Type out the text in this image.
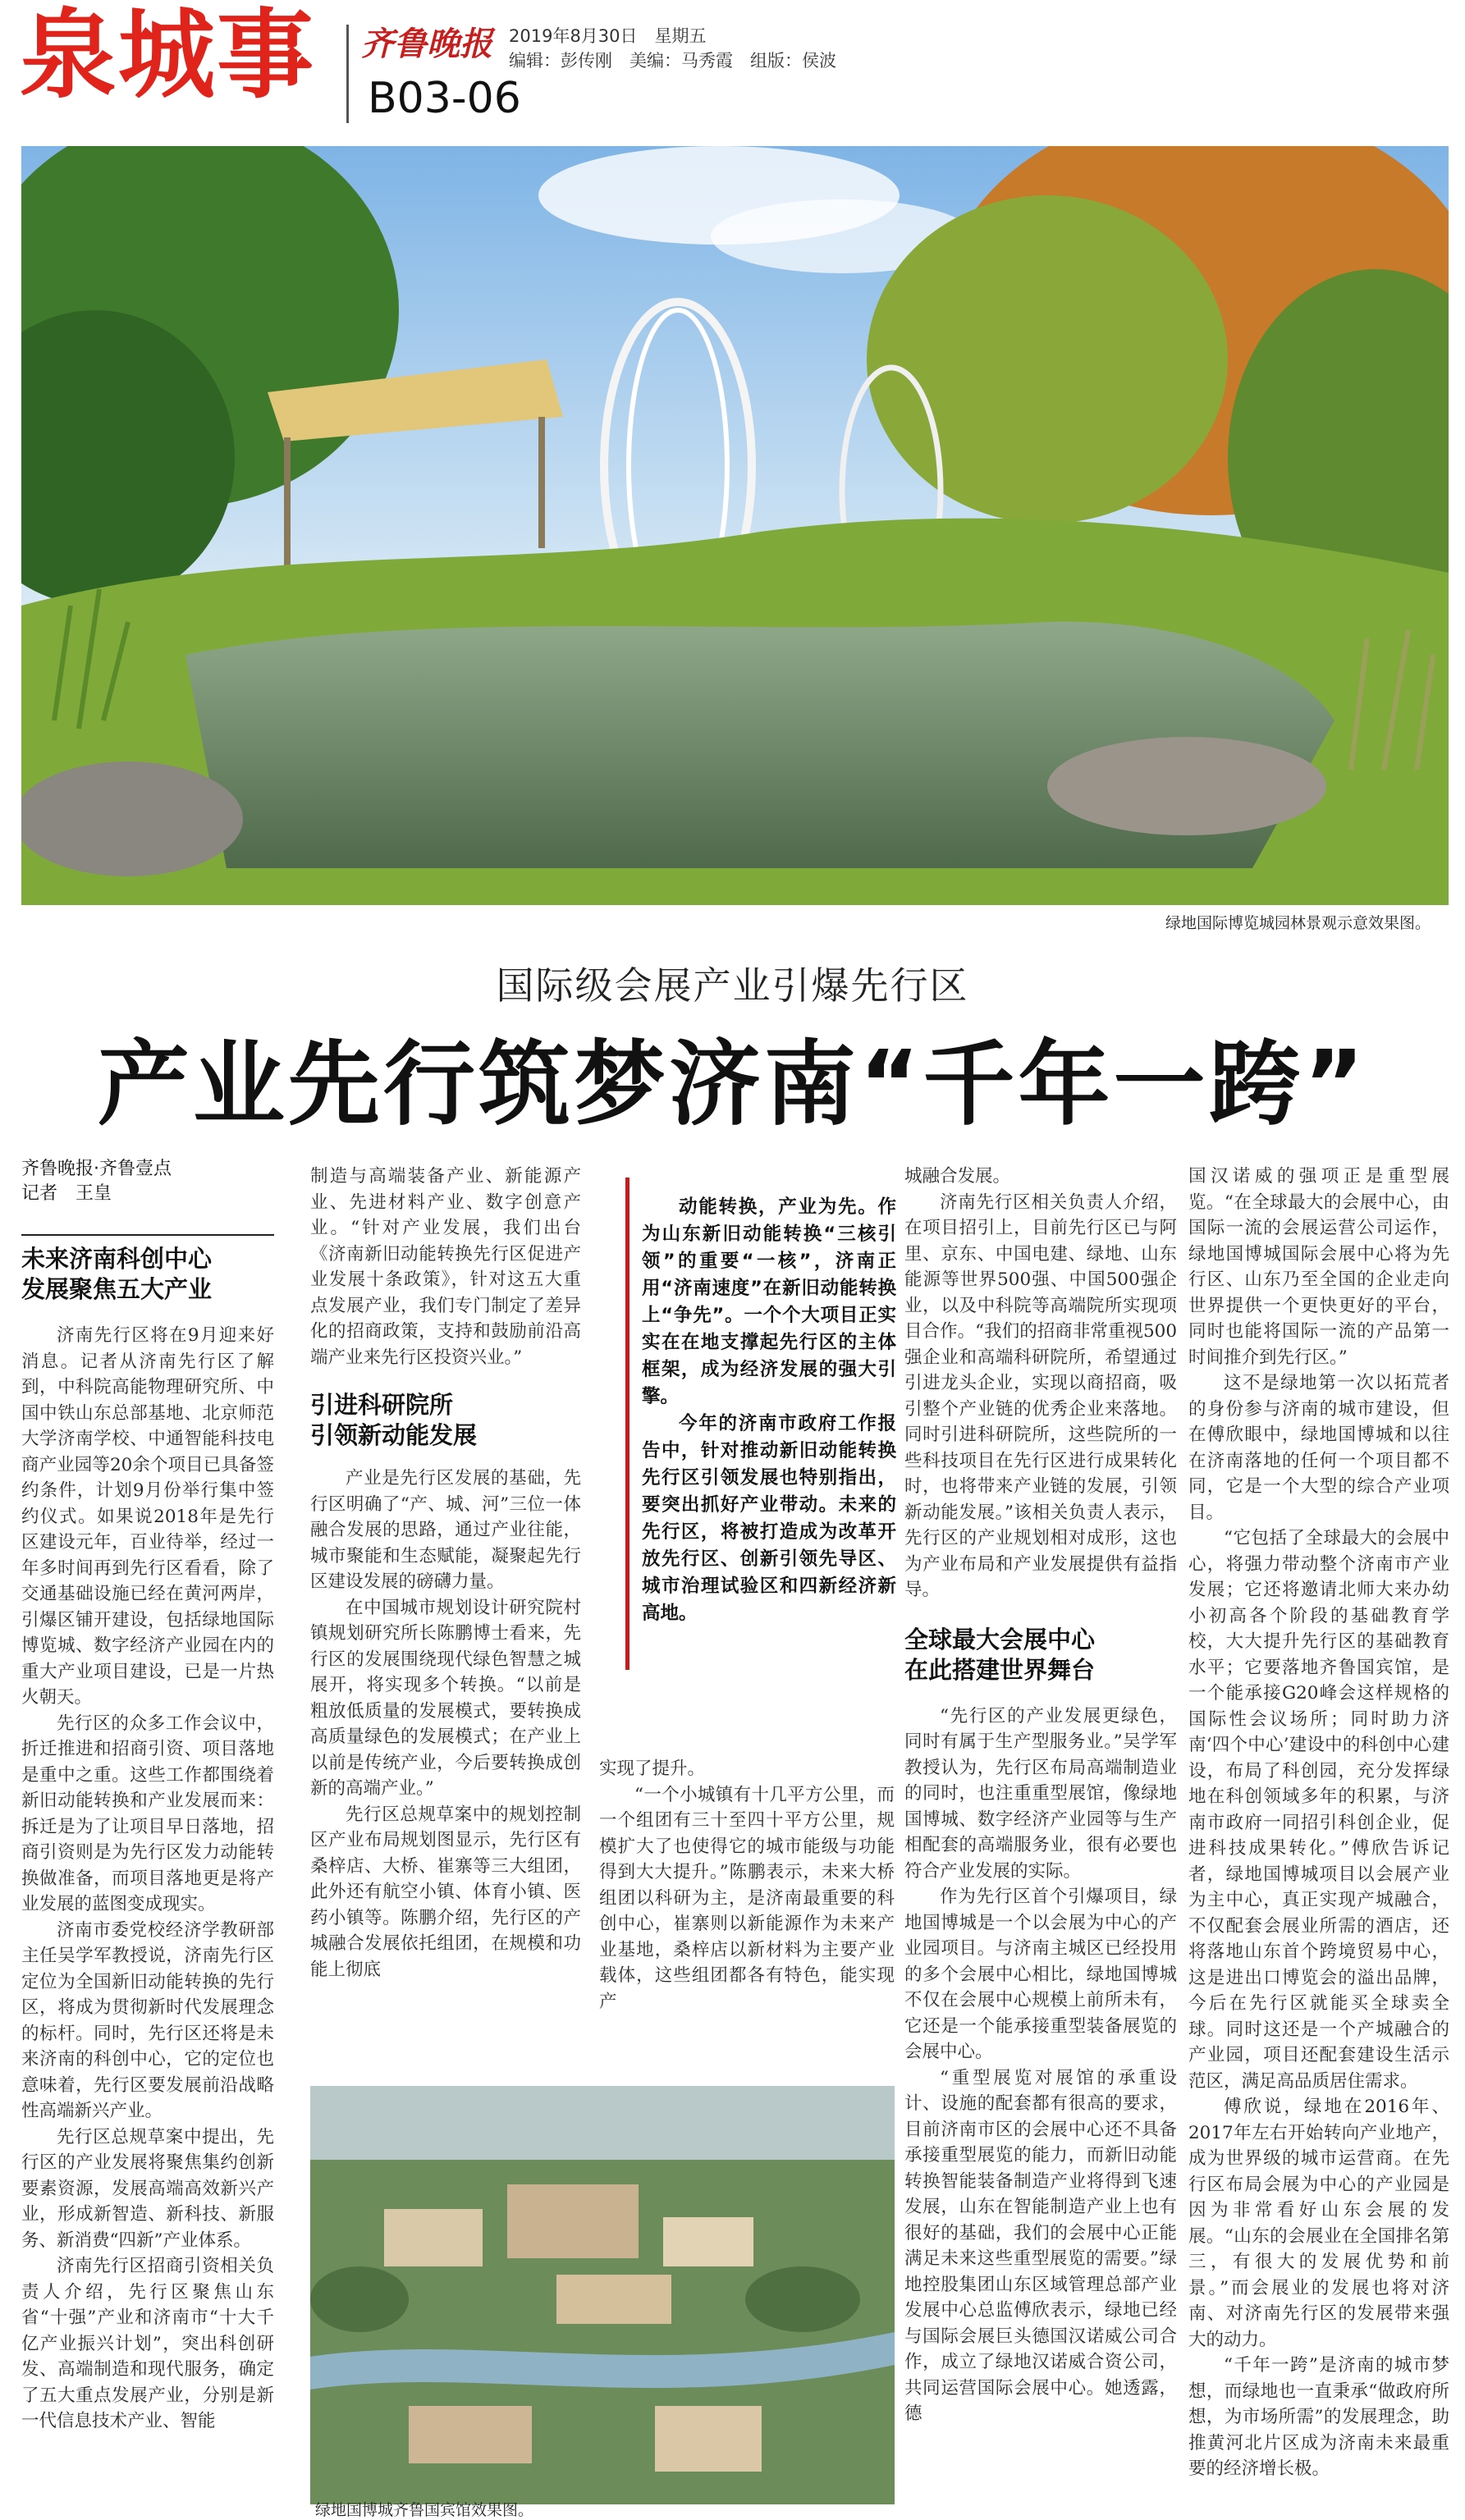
泉城事 齐鲁晚报 2019年8月30日　星期五
编辑：彭传刚　美编：马秀霞　组版：侯波
B03-06
绿地国际博览城园林景观示意效果图。
国际级会展产业引爆先行区
产业先行筑梦济南“千年一跨”
齐鲁晚报·齐鲁壹点
记者　王皇
未来济南科创中心
发展聚焦五大产业

济南先行区将在9月迎来好消息。记者从济南先行区了解到，中科院高能物理研究所、中国中铁山东总部基地、北京师范大学济南学校、中通智能科技电商产业园等20余个项目已具备签约条件，计划9月份举行集中签约仪式。如果说2018年是先行区建设元年，百业待举，经过一年多时间再到先行区看看，除了交通基础设施已经在黄河两岸，引爆区铺开建设，包括绿地国际博览城、数字经济产业园在内的重大产业项目建设，已是一片热火朝天。

先行区的众多工作会议中，折迁推进和招商引资、项目落地是重中之重。这些工作都围绕着新旧动能转换和产业发展而来：拆迁是为了让项目早日落地，招商引资则是为先行区发力动能转换做准备，而项目落地更是将产业发展的蓝图变成现实。

济南市委党校经济学教研部主任吴学军教授说，济南先行区定位为全国新旧动能转换的先行区，将成为贯彻新时代发展理念的标杆。同时，先行区还将是未来济南的科创中心，它的定位也意味着，先行区要发展前沿战略性高端新兴产业。

先行区总规草案中提出，先行区的产业发展将聚焦集约创新要素资源，发展高端高效新兴产业，形成新智造、新科技、新服务、新消费“四新”产业体系。

济南先行区招商引资相关负责人介绍，先行区聚焦山东省“十强”产业和济南市“十大千亿产业振兴计划”，突出科创研发、高端制造和现代服务，确定了五大重点发展产业，分别是新一代信息技术产业、智能

制造与高端装备产业、新能源产业、先进材料产业、数字创意产业。“针对产业发展，我们出台《济南新旧动能转换先行区促进产业发展十条政策》，针对这五大重点发展产业，我们专门制定了差异化的招商政策，支持和鼓励前沿高端产业来先行区投资兴业。”

引进科研院所
引领新动能发展

产业是先行区发展的基础，先行区明确了“产、城、河”三位一体融合发展的思路，通过产业往能，城市聚能和生态赋能，凝聚起先行区建设发展的磅礴力量。

在中国城市规划设计研究院村镇规划研究所长陈鹏博士看来，先行区的发展围绕现代绿色智慧之城展开，将实现多个转换。“以前是粗放低质量的发展模式，要转换成高质量绿色的发展模式；在产业上以前是传统产业，今后要转换成创新的高端产业。”

先行区总规草案中的规划控制区产业布局规划图显示，先行区有桑梓店、大桥、崔寨等三大组团，此外还有航空小镇、体育小镇、医药小镇等。陈鹏介绍，先行区的产城融合发展依托组团，在规模和功能上彻底

动能转换，产业为先。作为山东新旧动能转换“三核引领”的重要“一核”，济南正用“济南速度”在新旧动能转换上“争先”。一个个大项目正实实在在地支撑起先行区的主体框架，成为经济发展的强大引擎。

今年的济南市政府工作报告中，针对推动新旧动能转换先行区引领发展也特别指出，要突出抓好产业带动。未来的先行区，将被打造成为改革开放先行区、创新引领先导区、城市治理试验区和四新经济新高地。

实现了提升。

“一个小城镇有十几平方公里，而一个组团有三十至四十平方公里，规模扩大了也使得它的城市能级与功能得到大大提升。”陈鹏表示，未来大桥组团以科研为主，是济南最重要的科创中心，崔寨则以新能源作为未来产业基地，桑梓店以新材料为主要产业载体，这些组团都各有特色，能实现产

绿地国博城齐鲁国宾馆效果图。

城融合发展。

济南先行区相关负责人介绍，在项目招引上，目前先行区已与阿里、京东、中国电建、绿地、山东能源等世界500强、中国500强企业，以及中科院等高端院所实现项目合作。“我们的招商非常重视500强企业和高端科研院所，希望通过引进龙头企业，实现以商招商，吸引整个产业链的优秀企业来落地。同时引进科研院所，这些院所的一些科技项目在先行区进行成果转化时，也将带来产业链的发展，引领新动能发展。”该相关负责人表示，先行区的产业规划相对成形，这也为产业布局和产业发展提供有益指导。

全球最大会展中心
在此搭建世界舞台

“先行区的产业发展更绿色，同时有属于生产型服务业。”吴学军教授认为，先行区布局高端制造业的同时，也注重重型展馆，像绿地国博城、数字经济产业园等与生产相配套的高端服务业，很有必要也符合产业发展的实际。

作为先行区首个引爆项目，绿地国博城是一个以会展为中心的产业园项目。与济南主城区已经投用的多个会展中心相比，绿地国博城不仅在会展中心规模上前所未有，它还是一个能承接重型装备展览的会展中心。

“重型展览对展馆的承重设计、设施的配套都有很高的要求，目前济南市区的会展中心还不具备承接重型展览的能力，而新旧动能转换智能装备制造产业将得到飞速发展，山东在智能制造产业上也有很好的基础，我们的会展中心正能满足未来这些重型展览的需要。”绿地控股集团山东区域管理总部产业发展中心总监傅欣表示，绿地已经与国际会展巨头德国汉诺威公司合作，成立了绿地汉诺威合资公司，共同运营国际会展中心。她透露，德

国汉诺威的强项正是重型展览。“在全球最大的会展中心，由国际一流的会展运营公司运作，绿地国博城国际会展中心将为先行区、山东乃至全国的企业走向世界提供一个更快更好的平台，同时也能将国际一流的产品第一时间推介到先行区。”

这不是绿地第一次以拓荒者的身份参与济南的城市建设，但在傅欣眼中，绿地国博城和以往在济南落地的任何一个项目都不同，它是一个大型的综合产业项目。

“它包括了全球最大的会展中心，将强力带动整个济南市产业发展；它还将邀请北师大来办幼小初高各个阶段的基础教育学校，大大提升先行区的基础教育水平；它要落地齐鲁国宾馆，是一个能承接G20峰会这样规格的国际性会议场所；同时助力济南‘四个中心’建设中的科创中心建设，布局了科创园，充分发挥绿地在科创领域多年的积累，与济南市政府一同招引科创企业，促进科技成果转化。”傅欣告诉记者，绿地国博城项目以会展产业为主中心，真正实现产城融合，不仅配套会展业所需的酒店，还将落地山东首个跨境贸易中心，这是进出口博览会的溢出品牌，今后在先行区就能买全球卖全球。同时这还是一个产城融合的产业园，项目还配套建设生活示范区，满足高品质居住需求。

傅欣说，绿地在2016年、2017年左右开始转向产业地产，成为世界级的城市运营商。在先行区布局会展为中心的产业园是因为非常看好山东会展的发展。“山东的会展业在全国排名第三，有很大的发展优势和前景。”而会展业的发展也将对济南、对济南先行区的发展带来强大的动力。

“千年一跨”是济南的城市梦想，而绿地也一直秉承“做政府所想，为市场所需”的发展理念，助推黄河北片区成为济南未来最重要的经济增长极。
